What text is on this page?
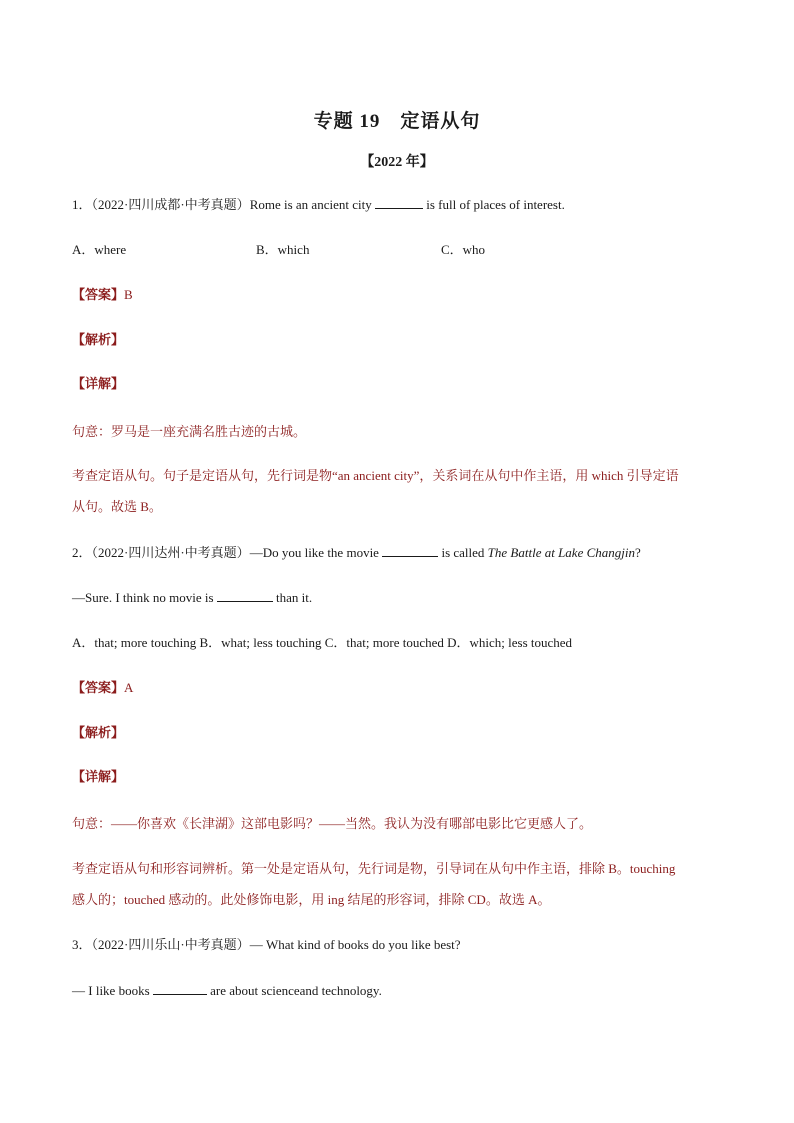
专题 19　定语从句
【2022 年】
1．（2022·四川成都·中考真题）Rome is an ancient city	is full of places of interest.
A．where	B．which	C．who
【答案】B
【解析】
【详解】
句意：罗马是一座充满名胜古迹的古城。
考查定语从句。句子是定语从句，先行词是物“an ancient city”，关系词在从句中作主语，用 which 引导定语
从句。故选 B。
2．（2022·四川达州·中考真题）—Do you like the movie	is called The Battle at Lake Changjin?
—Sure. I think no movie is	than it.
A．that; more touching B．what; less touching C．that; more touched D．which; less touched
【答案】A
【解析】
【详解】
句意：——你喜欢《长津湖》这部电影吗？——当然。我认为没有哪部电影比它更感人了。
考查定语从句和形容词辨析。第一处是定语从句，先行词是物，引导词在从句中作主语，排除 B。touching
感人的；touched 感动的。此处修饰电影，用 ing 结尾的形容词，排除 CD。故选 A。
3．（2022·四川乐山·中考真题）— What kind of books do you like best?
— I like books	are about scienceand technology.
